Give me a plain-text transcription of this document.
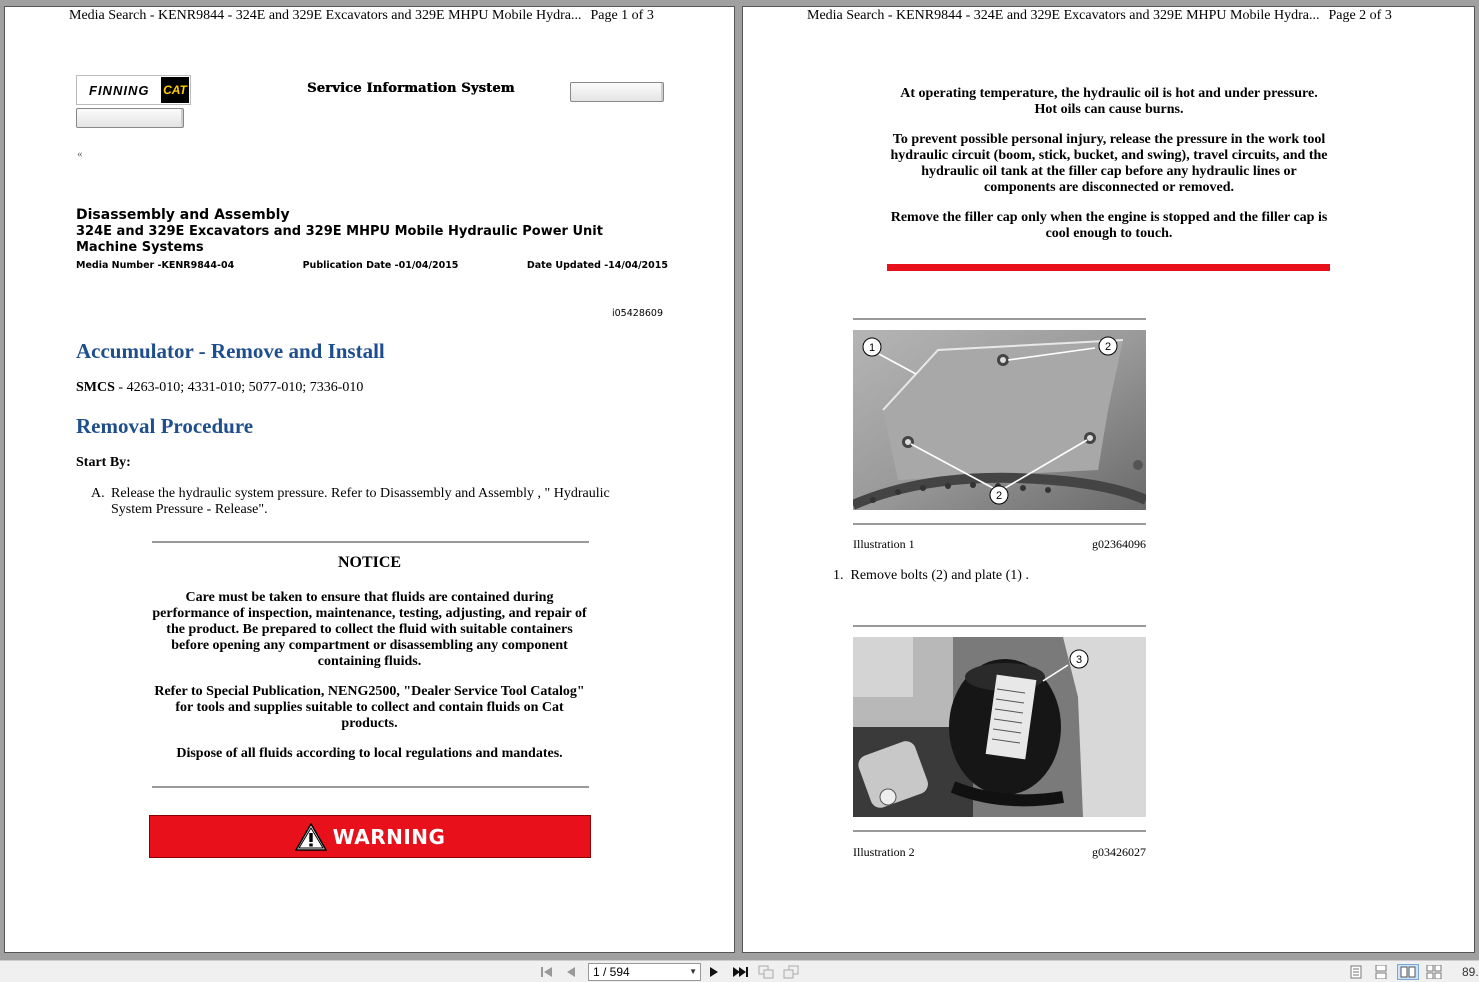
Media Search - KENR9844 - 324E and 329E Excavators and 329E MHPU Mobile Hydra... Page 1 of 3
FINNING	CAT	Service Information System
«
Disassembly and Assembly
324E and 329E Excavators and 329E MHPU Mobile Hydraulic Power Unit Machine Systems
Media Number -KENR9844-04	Publication Date -01/04/2015	Date Updated -14/04/2015
i05428609
Accumulator - Remove and Install
SMCS - 4263-010; 4331-010; 5077-010; 7336-010
Removal Procedure
Start By:
A. Release the hydraulic system pressure. Refer to Disassembly and Assembly , " Hydraulic System Pressure - Release".
NOTICE
Care must be taken to ensure that fluids are contained during performance of inspection, maintenance, testing, adjusting, and repair of the product. Be prepared to collect the fluid with suitable containers before opening any compartment or disassembling any component containing fluids.
Refer to Special Publication, NENG2500, "Dealer Service Tool Catalog" for tools and supplies suitable to collect and contain fluids on Cat products.
Dispose of all fluids according to local regulations and mandates.
WARNING
Media Search - KENR9844 - 324E and 329E Excavators and 329E MHPU Mobile Hydra... Page 2 of 3
At operating temperature, the hydraulic oil is hot and under pressure. Hot oils can cause burns.
To prevent possible personal injury, release the pressure in the work tool hydraulic circuit (boom, stick, bucket, and swing), travel circuits, and the hydraulic oil tank at the filler cap before any hydraulic lines or components are disconnected or removed.
Remove the filler cap only when the engine is stopped and the filler cap is cool enough to touch.
1	2
2
Illustration 1	g02364096
1. Remove bolts (2) and plate (1) .
3
Illustration 2	g03426027
1 / 594	▼	89.
